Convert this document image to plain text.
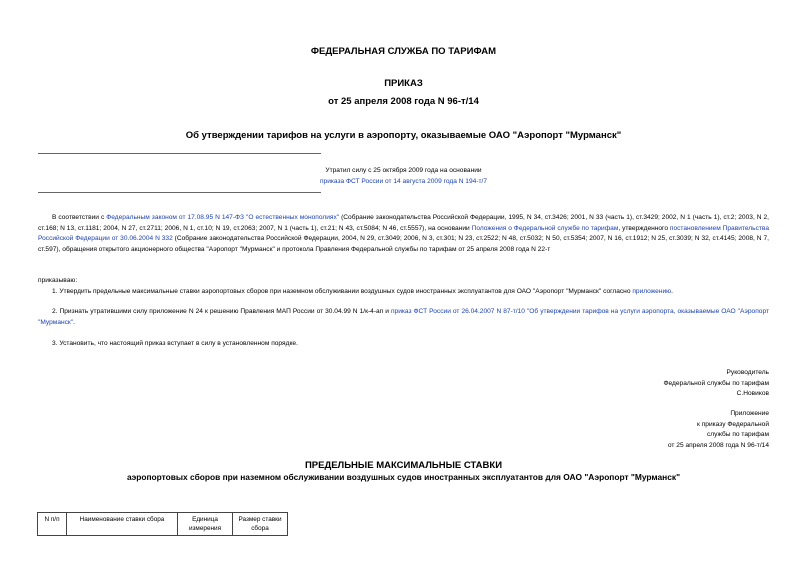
ФЕДЕРАЛЬНАЯ СЛУЖБА ПО ТАРИФАМ
ПРИКАЗ
от 25 апреля 2008 года N 96-т/14
Об утверждении тарифов на услуги в аэропорту, оказываемые ОАО "Аэропорт "Мурманск"
Утратил силу с 25 октября 2009 года на основании
приказа ФСТ России от 14 августа 2009 года N 194-т/7
В соответствии с Федеральным законом от 17.08.95 N 147-ФЗ "О естественных монополиях" (Собрание законодательства Российской Федерации, 1995, N 34, ст.3426; 2001, N 33 (часть 1), ст.3429; 2002, N 1 (часть 1), ст.2; 2003, N 2, ст.168; N 13, ст.1181; 2004, N 27, ст.2711; 2006, N 1, ст.10; N 19, ст.2063; 2007, N 1 (часть 1), ст.21; N 43, ст.5084; N 46, ст.5557), на основании Положения о Федеральной службе по тарифам, утвержденного постановлением Правительства Российской Федерации от 30.06.2004 N 332 (Собрание законодательства Российской Федерации, 2004, N 29, ст.3049; 2006, N 3, ст.301; N 23, ст.2522; N 48, ст.5032; N 50, ст.5354; 2007, N 16, ст.1912; N 25, ст.3039; N 32, ст.4145; 2008, N 7, ст.597), обращения открытого акционерного общества "Аэропорт "Мурманск" и протокола Правления Федеральной службы по тарифам от 25 апреля 2008 года N 22-т
приказываю:
1. Утвердить предельные максимальные ставки аэропортовых сборов при наземном обслуживании воздушных судов иностранных эксплуатантов для ОАО "Аэропорт "Мурманск" согласно приложению.
2. Признать утратившими силу приложение N 24 к решению Правления МАП России от 30.04.99 N 1/к-4-ап и приказ ФСТ России от 26.04.2007 N 87-т/10 "Об утверждении тарифов на услуги аэропорта, оказываемые ОАО "Аэропорт "Мурманск".
3. Установить, что настоящий приказ вступает в силу в установленном порядке.
Руководитель
Федеральной службы по тарифам
С.Новиков
Приложение
к приказу Федеральной
службы по тарифам
от 25 апреля 2008 года N 96-т/14
ПРЕДЕЛЬНЫЕ МАКСИМАЛЬНЫЕ СТАВКИ
аэропортовых сборов при наземном обслуживании воздушных судов иностранных эксплуатантов для ОАО "Аэропорт "Мурманск"
N п/п	Наименование ставки сбора	Единица измерения	Размер ставки сбора
